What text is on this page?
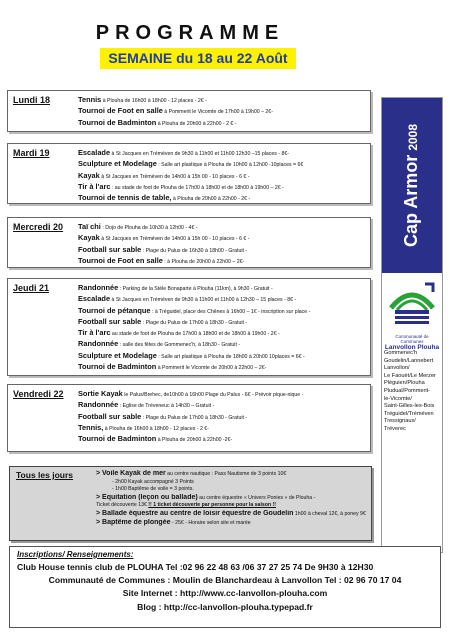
PROGRAMME
SEMAINE du 18 au 22 Août
Lundi 18	Tennis à Plouha de 16h00 à 18h00 - 12 places - 2€ -
Tournoi de Foot en salle à Pommerit le Vicomte de 17h00 à 19h00 – 2€-
Tournoi de Badminton à Plouha de 20h00 à 22h00 - 2 € -
Mardi 19	Escalade à St Jacques en Tréméven de 9h30 à 11h00 et 11h00 12h30 –15 places - 8€-
Sculpture et Modelage : Salle art plastique à Plouha de 10h00 à 12h00 -10places = 6€
Kayak à St Jacques en Tréméven de 14h00 à 15h 00 - 10 places - 6 € -
Tir à l'arc : au stade de foot de Plouha de 17h00 à 18h00 et de 18h00 à 19h00 – 2€ -
Tournoi de tennis de table, à Plouha de 20h00 à 22h00 - 2€ -
Mercredi 20 Taï chi : Dojo de Plouha de 10h30 à 12h00 - 4€ -
Kayak à St Jacques en Tréméven de 14h00 à 15h 00 - 10 places - 6 € -
Football sur sable : Plage du Palus de 16h30 à 18h00 - Gratuit -
Tournoi de Foot en salle : à Plouha de 20h00 à 22h00 – 2€-
Jeudi 21	Randonnée : Parking de la Stèle Bonaparte à Plouha (11km), à 9h30 - Gratuit -
Escalade à St Jacques en Tréméven de 9h30 à 11h00 et 11h00 à 12h30 – 15 places - 8€ -
Tournoi de pétanque : à Tréguidel, place des Chênes à 16h00 – 1€ - inscription sur place -
Football sur sable : Plage du Palus de 17h00 à 18h30 - Gratuit -
Tir à l'arc au stade de foot de Plouha de 17h00 à 18h00 et de 18h00 à 19h00 - 2€ -
Randonnée : salle des fêtes de Gommenec'h, à 18h30 - Gratuit -
Sculpture et Modelage : Salle art plastique à Plouha de 18h00 à 20h00 10places = 6€ -
Tournoi de Badminton à Pommerit le Vicomte de 20h00 à 22h00 – 2€-
Vendredi 22 Sortie Kayak le Palus/Brehec, de10h00 à 16h00 Plage du Palus - 6€ - Prévoir pique-nique -
Randonnée : Eglise de Tréveneuc à 14h30 – Gratuit -
Football sur sable : Plage du Palus de 17h00 à 18h30 - Gratuit -
Tennis, à Plouha de 16h00 à 18h00 - 12 places - 2 €-
Tournoi de Badminton à Plouha de 20h00 à 22h00 -2€-
Cap Armor2008
Communauté de Communes
Lanvollon Plouha
Gommenec'h
Goudelin/Lannebert
Lanvollon/
Le Faouët/Le Merzer
Pléguien/Plouha
Pludual/Pommerit-
le-Vicomte/
Saint-Gilles-les-Bois
Tréguidel/Tréméven
Tressignaux/
Tréverec
Tous les jours	> Voile Kayak de mer au centre nautique : Pass Nautisme de 3 points 10€
- 2h00 Kayak accompagné 3 Points
- 1h00 Baptême de voile = 3 points.
> Équitation (leçon ou ballade) au centre équestre « Univers Ponies » de Plouha -
Ticket découverte 13€ !! 1 ticket découverte par personne pour la saison !!
> Ballade équestre au centre de loisir équestre de Goudelin 1h00 à cheval 12€, à poney 9€
> Baptême de plongée - 25€ - Horaire selon site et marée
Inscriptions/ Renseignements:
Club House tennis club de PLOUHA Tel :02 96 22 48 63 /06 37 27 25 74 De 9H30 à 12H30
Communauté de Communes : Moulin de Blanchardeau à Lanvollon Tel : 02 96 70 17 04
Site Internet : http://www.cc-lanvollon-plouha.com
Blog : http://cc-lanvollon-plouha.typepad.fr
